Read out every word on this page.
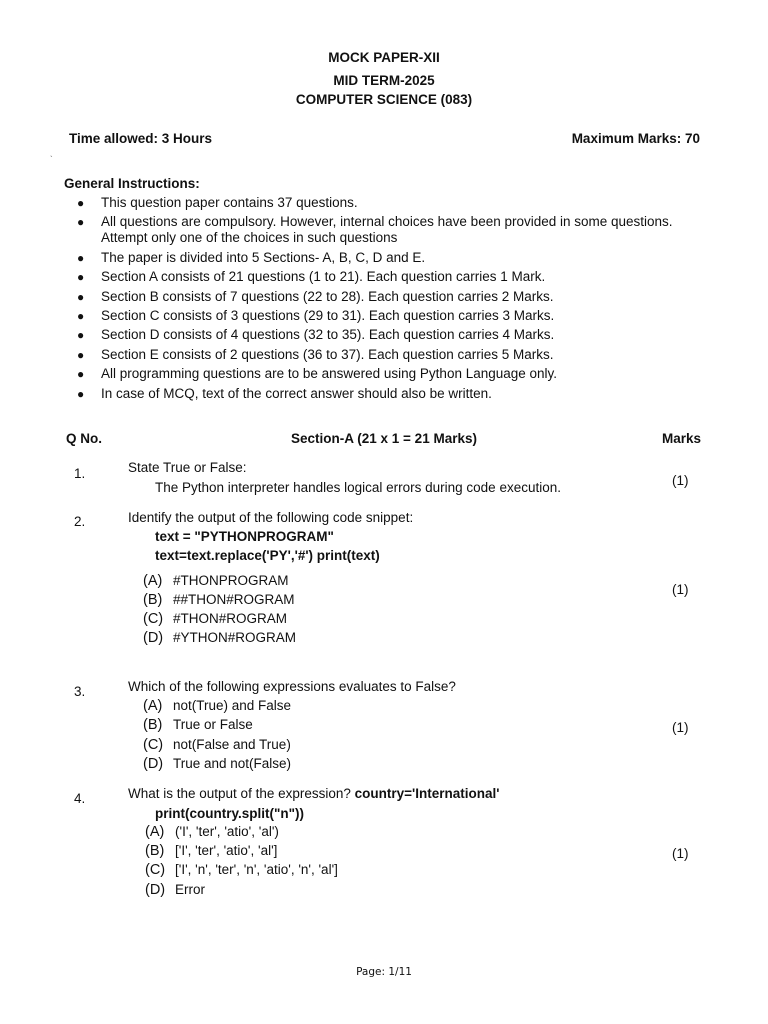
MOCK PAPER-XII
MID TERM-2025
COMPUTER SCIENCE (083)
Time allowed: 3 Hours	Maximum Marks: 70
`
General Instructions:
● This question paper contains 37 questions.
● All questions are compulsory. However, internal choices have been provided in some questions.
Attempt only one of the choices in such questions
● The paper is divided into 5 Sections- A, B, C, D and E.
● Section A consists of 21 questions (1 to 21). Each question carries 1 Mark.
● Section B consists of 7 questions (22 to 28). Each question carries 2 Marks.
● Section C consists of 3 questions (29 to 31). Each question carries 3 Marks.
● Section D consists of 4 questions (32 to 35). Each question carries 4 Marks.
● Section E consists of 2 questions (36 to 37). Each question carries 5 Marks.
● All programming questions are to be answered using Python Language only.
● In case of MCQ, text of the correct answer should also be written.
Q No.	Section-A (21 x 1 = 21 Marks)	Marks
1.	State True or False:
The Python interpreter handles logical errors during code execution.	(1)
2.	Identify the output of the following code snippet:
text = "PYTHONPROGRAM"
text=text.replace('PY','#') print(text)
(A) #THONPROGRAM
(B) ##THON#ROGRAM
(C) #THON#ROGRAM
(D) #YTHON#ROGRAM
(1)
3.	Which of the following expressions evaluates to False?
(A) not(True) and False
(B) True or False
(C) not(False and True)
(D) True and not(False)
(1)
4.	What is the output of the expression? country='International'
print(country.split("n"))
(A) ('I', 'ter', 'atio', 'al')
(B) ['I', 'ter', 'atio', 'al']
(C) ['I', 'n', 'ter', 'n', 'atio', 'n', 'al']
(D) Error
(1)
Page: 1/11
